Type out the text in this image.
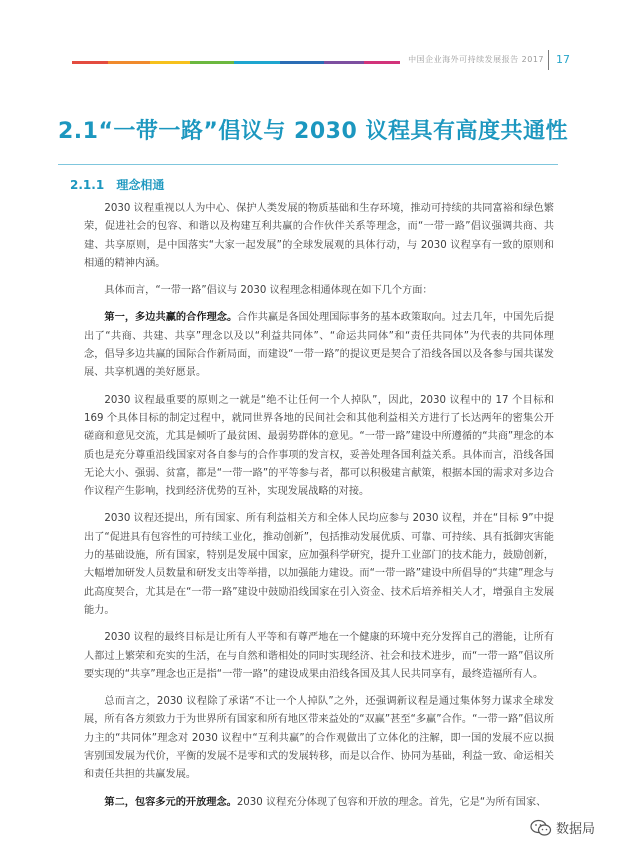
中国企业海外可持续发展报告 2017 17
2.1“一带一路”倡议与 2030 议程具有高度共通性
2.1.1 理念相通

2030 议程重视以人为中心、保护人类发展的物质基础和生存环境，推动可持续的共同富裕和绿色繁荣，促进社会的包容、和谐以及构建互利共赢的合作伙伴关系等理念，而“一带一路”倡议强调共商、共建、共享原则，是中国落实“大家一起发展”的全球发展观的具体行动，与 2030 议程享有一致的原则和相通的精神内涵。

具体而言，“一带一路”倡议与 2030 议程理念相通体现在如下几个方面：

第一，多边共赢的合作理念。合作共赢是各国处理国际事务的基本政策取向。过去几年，中国先后提出了“共商、共建、共享”理念以及以“利益共同体”、“命运共同体”和“责任共同体”为代表的共同体理念，倡导多边共赢的国际合作新局面，而建设“一带一路”的提议更是契合了沿线各国以及各参与国共谋发展、共享机遇的美好愿景。

2030 议程最重要的原则之一就是“绝不让任何一个人掉队”，因此，2030 议程中的 17 个目标和 169 个具体目标的制定过程中，就同世界各地的民间社会和其他利益相关方进行了长达两年的密集公开磋商和意见交流，尤其是倾听了最贫困、最弱势群体的意见。“一带一路”建设中所遵循的“共商”理念的本质也是充分尊重沿线国家对各自参与的合作事项的发言权，妥善处理各国利益关系。具体而言，沿线各国无论大小、强弱、贫富，都是“一带一路”的平等参与者，都可以积极建言献策，根据本国的需求对多边合作议程产生影响，找到经济优势的互补，实现发展战略的对接。

2030 议程还提出，所有国家、所有利益相关方和全体人民均应参与 2030 议程，并在“目标 9”中提出了“促进具有包容性的可持续工业化，推动创新”，包括推动发展优质、可靠、可持续、具有抵御灾害能力的基础设施，所有国家，特别是发展中国家，应加强科学研究，提升工业部门的技术能力，鼓励创新，大幅增加研发人员数量和研发支出等举措，以加强能力建设。而“一带一路”建设中所倡导的“共建”理念与此高度契合，尤其是在“一带一路”建设中鼓励沿线国家在引入资金、技术后培养相关人才，增强自主发展能力。

2030 议程的最终目标是让所有人平等和有尊严地在一个健康的环境中充分发挥自己的潜能，让所有人都过上繁荣和充实的生活，在与自然和谐相处的同时实现经济、社会和技术进步，而“一带一路”倡议所要实现的“共享”理念也正是指“一带一路”的建设成果由沿线各国及其人民共同享有，最终造福所有人。

总而言之，2030 议程除了承诺“不让一个人掉队”之外，还强调新议程是通过集体努力谋求全球发展，所有各方须致力于为世界所有国家和所有地区带来益处的“双赢”甚至“多赢”合作。“一带一路”倡议所力主的“共同体”理念对 2030 议程中“互利共赢”的合作观做出了立体化的注解，即一国的发展不应以损害别国发展为代价，平衡的发展不是零和式的发展转移，而是以合作、协同为基础，利益一致、命运相关和责任共担的共赢发展。

第二，包容多元的开放理念。2030 议程充分体现了包容和开放的理念。首先，它是“为所有国家、

数据局
